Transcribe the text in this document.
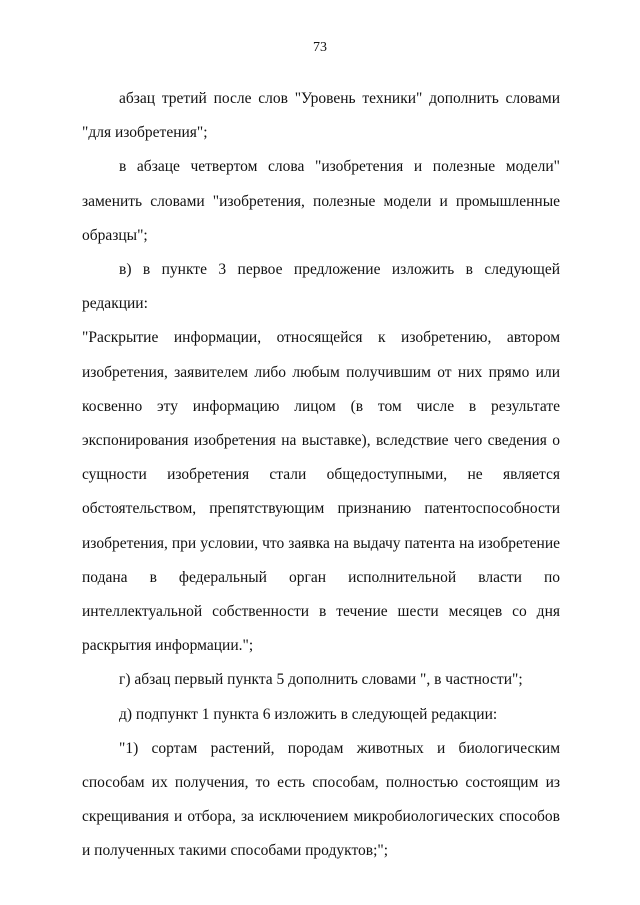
73

абзац третий после слов "Уровень техники" дополнить словами "для изобретения";

в абзаце четвертом слова "изобретения и полезные модели" заменить словами "изобретения, полезные модели и промышленные образцы";

в) в пункте 3 первое предложение изложить в следующей редакции:

"Раскрытие информации, относящейся к изобретению, автором изобретения, заявителем либо любым получившим от них прямо или косвенно эту информацию лицом (в том числе в результате экспонирования изобретения на выставке), вследствие чего сведения о сущности изобретения стали общедоступными, не является обстоятельством, препятствующим признанию патентоспособности изобретения, при условии, что заявка на выдачу патента на изобретение подана в федеральный орган исполнительной власти по интеллектуальной собственности в течение шести месяцев со дня раскрытия информации.";

г) абзац первый пункта 5 дополнить словами ", в частности";

д) подпункт 1 пункта 6 изложить в следующей редакции:

"1) сортам растений, породам животных и биологическим способам их получения, то есть способам, полностью состоящим из скрещивания и отбора, за исключением микробиологических способов и полученных такими способами продуктов;";
